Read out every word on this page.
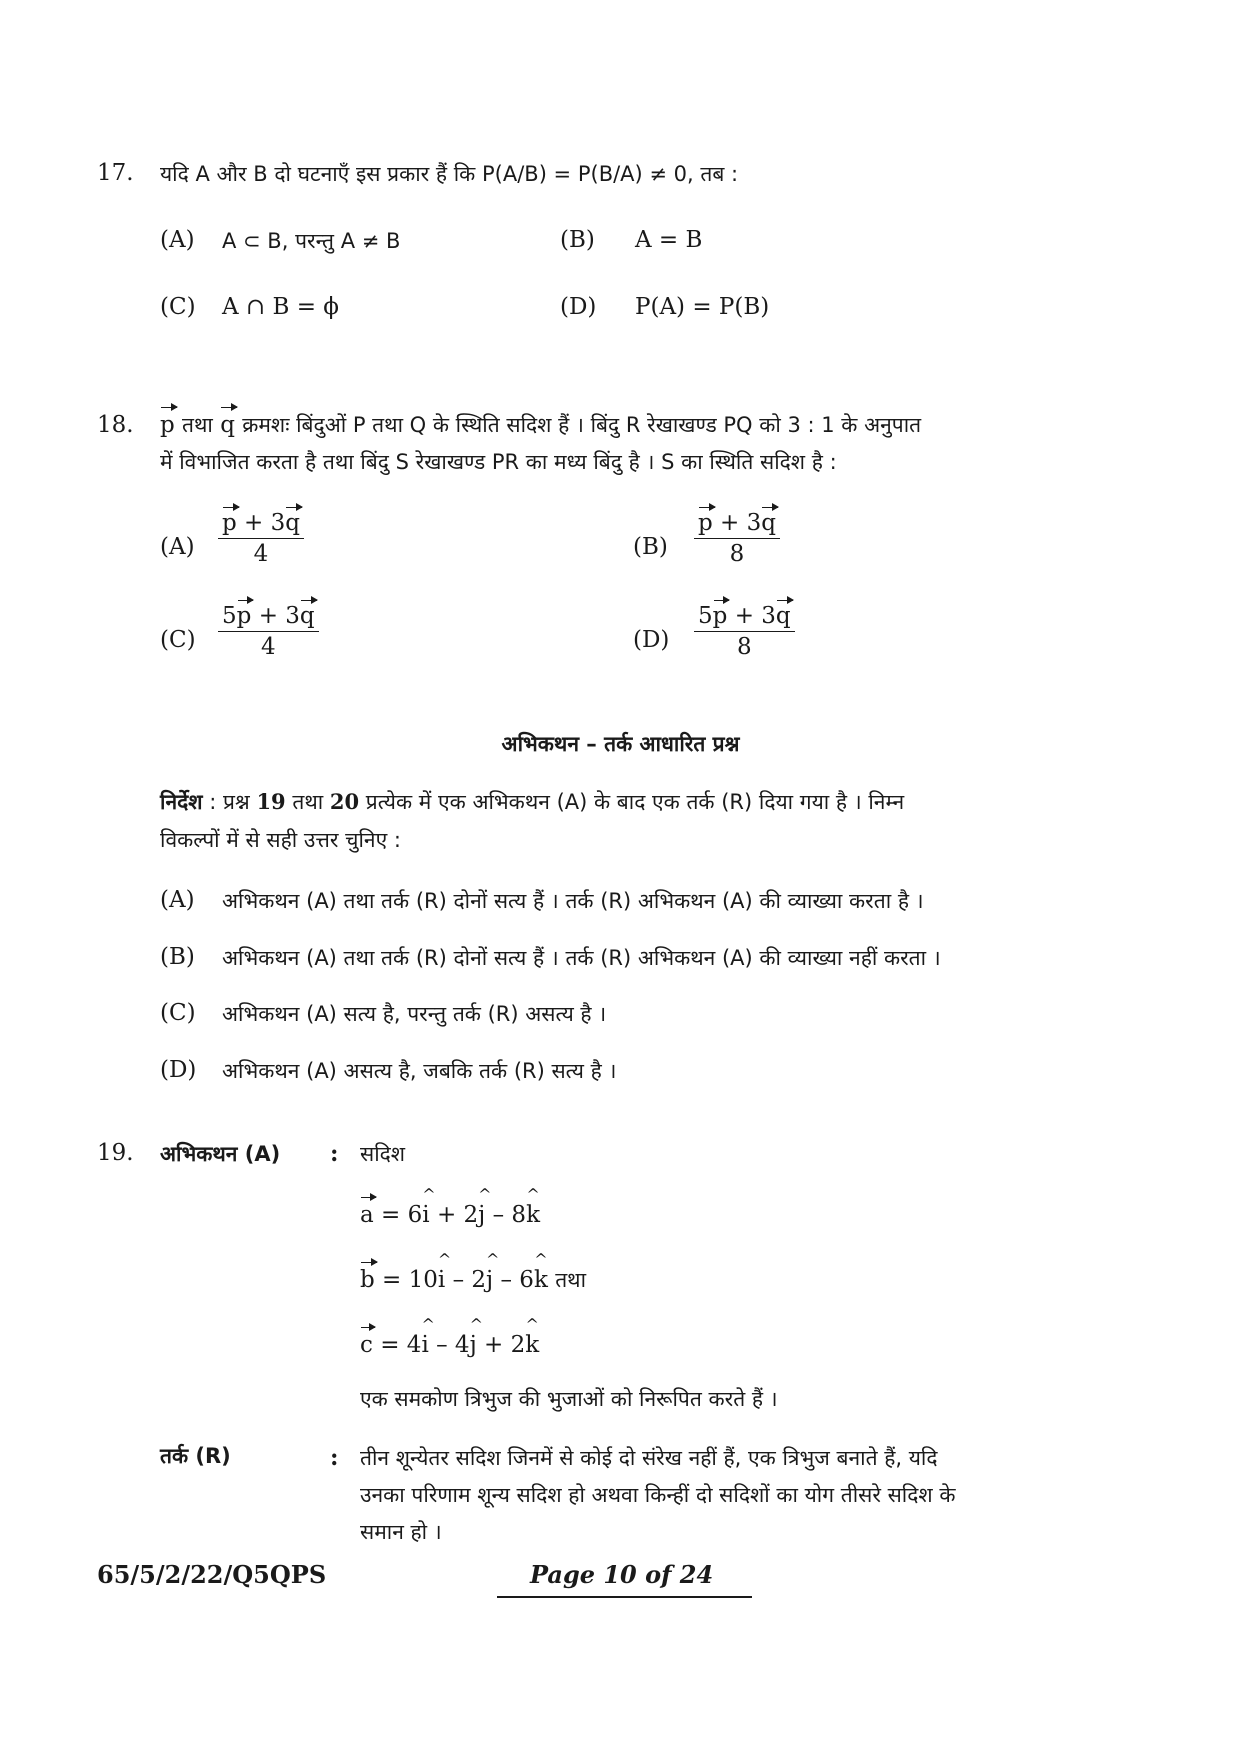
17. यदि A और B दो घटनाएँ इस प्रकार हैं कि P(A/B) = P(B/A) ≠ 0, तब :
(A) A ⊂ B, परन्तु A ≠ B	(B) A = B
(C) A ∩ B = ϕ	(D) P(A) = P(B)
18. p तथा q क्रमशः बिंदुओं P तथा Q के स्थिति सदिश हैं । बिंदु R रेखाखण्ड PQ को 3 : 1 के अनुपात
में विभाजित करता है तथा बिंदु S रेखाखण्ड PR का मध्य बिंदु है । S का स्थिति सदिश है :
$(A) \frac{p + 3q}{4}$	$(B) \frac{p + 3q}{8}$
$(C) \frac{5p + 3q}{4}$	$(D) \frac{5p + 3q}{8}$
अभिकथन – तर्क आधारित प्रश्न
निर्देश : प्रश्न 19 तथा 20 प्रत्येक में एक अभिकथन (A) के बाद एक तर्क (R) दिया गया है । निम्न
विकल्पों में से सही उत्तर चुनिए :
(A) अभिकथन (A) तथा तर्क (R) दोनों सत्य हैं । तर्क (R) अभिकथन (A) की व्याख्या करता है ।
(B) अभिकथन (A) तथा तर्क (R) दोनों सत्य हैं । तर्क (R) अभिकथन (A) की व्याख्या नहीं करता ।
(C) अभिकथन (A) सत्य है, परन्तु तर्क (R) असत्य है ।
(D) अभिकथन (A) असत्य है, जबकि तर्क (R) सत्य है ।
19. अभिकथन (A) : सदिश
a = 6i ^ + 2j ^ – 8k ^
b = 10i ^ – 2j ^ – 6k ^ तथा
c = 4i ^ – 4j ^ + 2k ^
एक समकोण त्रिभुज की भुजाओं को निरूपित करते हैं ।
तर्क (R)	: तीन शून्येतर सदिश जिनमें से कोई दो संरेख नहीं हैं, एक त्रिभुज बनाते हैं, यदि
उनका परिणाम शून्य सदिश हो अथवा किन्हीं दो सदिशों का योग तीसरे सदिश के
समान हो ।
65/5/2/22/Q5QPS	Page 10 of 24
